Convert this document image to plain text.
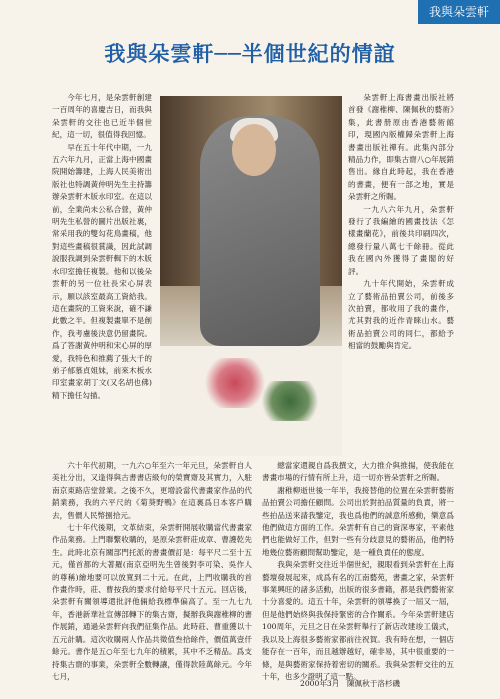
我與朵雲軒
我與朵雲軒──半個世紀的情誼

今年七月，是朵雲軒創建一百周年的喜慶吉日，而我與朵雲軒的交往也已近半個世紀，這一切，很值得我回憶。

早在五十年代中期，一九五六年九月，正當上海中國畫院開始籌建，上海人民美術出版社也特調黃仲明先生主持籌辦朵雲軒木版水印室。在這以前，全業尚未公私合營，黃仲明先生私營的圖片出版社裏，常采用我的雙勾花鳥畫稿，他對這些畫稿很賞識，因此試調說服我調到朵雲軒輯下的木版水印室擔任複製。他和以後朵雲軒的另一位社長宋心屏表示，願以該室最高工資給我。這在畫院的工資來說，確不謙此數之半。但複製畫單不是創作，我考慮後決意仍留畫院。爲了答謝黃仲明和宋心屏的厚愛，我特色和推薦了張大千的弟子郁慕貞姐妹，前來木板水印室畫家胡丁文(又名胡也佛)精下擔任勾描。

朵雲軒上海書畫出版社將首發《謝稚柳、陳佩秋的藝術》集，此書册原由香港藝術館印，現國內版權歸朵雲軒上海書畫出版社禪有。此集內部分精品力作，即集古齋八○年展銷售出。緣自此時起，我在香港的書畫，便有一部之地，實是朵雲軒之所賜。

一九八六年九月，朵雲軒發行了我編繪的國畫技法《怎樣畫蘭花》，前後共印刷四次，總發行量八萬七千餘冊。從此我在國內外獲得了畫閣的好評。

九十年代開始，朵雲軒成立了藝術品拍賣公司，前後多次拍賣，都收用了我的畫作，尤其對我的近作青睞山水。藝術品拍賣公司的同仁，都給予相當的鼓勵與肯定。

六十年代初期，一九六○年至六一年元旦，朵雲軒自人美社分出，又逢得與古書書店級句的榮寶齋及其實力，入駐南京東路店堂營業。之後不久，更增設當代書畫家作品的代銷業務，我的六平尺的《菊葵野鴨》在這裏爲日本客戶購去，售價人民幣捌拾元。

七十年代後期，文革結束，朵雲軒開展收購當代書畫家作品業務。上門聯繫收購的，是原朵雲軒莊成章、曹護乾先生。此時北京有關部門托派的書畫價訂是：每平尺二至十五元，僅首都的大著羅(南京亞明先生曾後對李可染、吳作人的尊稱)繪地要可以放寬到二十元。在此，上門收購我的首作畫作時，莊、曹按我的要求付給每平尺十五元。回店後，朵雲軒有關領導還批評他倆給我標準偏高了。至一九七九年，香港新華社宣傳部轉下的集古齋，擬辦我與謝稚柳的書作展銷，通過朵雲軒向我們征集作品。此時莊、曹重獲以十五元計購。這次收購兩人作品共徵值叁拾餘件，價值萬壹仟餘元。書作是五○年至七九年的積累，其中不乏精品。爲支持集古齋的事業，朵雲軒全數轉讓，僅得款陸萬餘元。今年七月，

總當家還親自爲我撰文，大力推介與推揚，使我能在書畫市場的行情有所上升，這一切亦皆朵雲軒之所賜。

謝稚柳逝世後一年半，我接替他的位置在朵雲軒藝術品拍賣公司擔任顧問。公司出於對拍品質量的負責，將一些拍品送來請我鑒定，我也爲他們的誠意所感動，樂意爲他們做這方面的工作。朵雲軒有自己的資深專家，平素他們也能做好工作，但對一些有分歧意見的藝術品，他們特地幾位藝術顧問幫助鑒定，是一種負責任的態度。

我與朵雲軒交往近半個世紀，親眼看到朵雲軒在上海藝壇發展起來，成爲有名的江南藝苑，書畫之家，朵雲軒事業興旺的諸多活動，出版的很多書籍，都是我們藝術家十分喜愛的。這五十年，朵雲軒的領導換了一屆又一屆，但是他們始終與我保持緊密的合作關系。今年朵雲軒建店100周年，元旦之日在朵雲軒舉行了新店改建竣工儀式，我以及上海很多藝術家都前往祝賀。我有時在想，一個店能存在一百年，而且越辦越好，確非易，其中很重要的一條，是與藝術家保持着密切的關系。我與朵雲軒交往的五十年，也多少證明了這一點。

2000年3月　陳佩秋于洛杉磯
